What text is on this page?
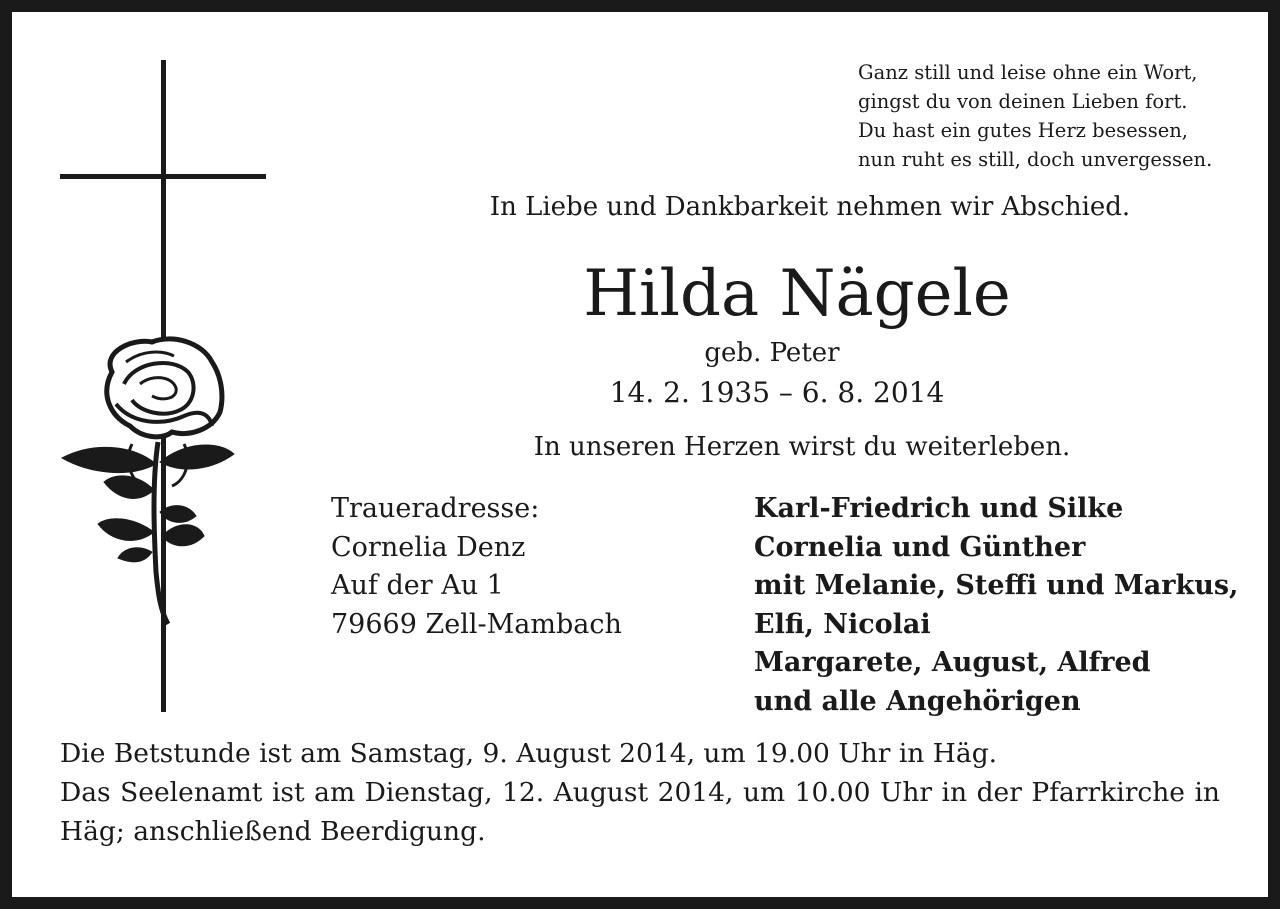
Ganz still und leise ohne ein Wort,
gingst du von deinen Lieben fort.
Du hast ein gutes Herz besessen,
nun ruht es still, doch unvergessen.
In Liebe und Dankbarkeit nehmen wir Abschied.
Hilda Nägele
geb. Peter
14. 2. 1935 – 6. 8. 2014
In unseren Herzen wirst du weiterleben.
Traueradresse:
Cornelia Denz
Auf der Au 1
79669 Zell-Mambach
Karl-Friedrich und Silke
Cornelia und Günther
mit Melanie, Steffi und Markus,
Elfi, Nicolai
Margarete, August, Alfred
und alle Angehörigen

Die Betstunde ist am Samstag, 9. August 2014, um 19.00 Uhr in Häg.

Das Seelenamt ist am Dienstag, 12. August 2014, um 10.00 Uhr in der Pfarrkirche in Häg; anschließend Beerdigung.
